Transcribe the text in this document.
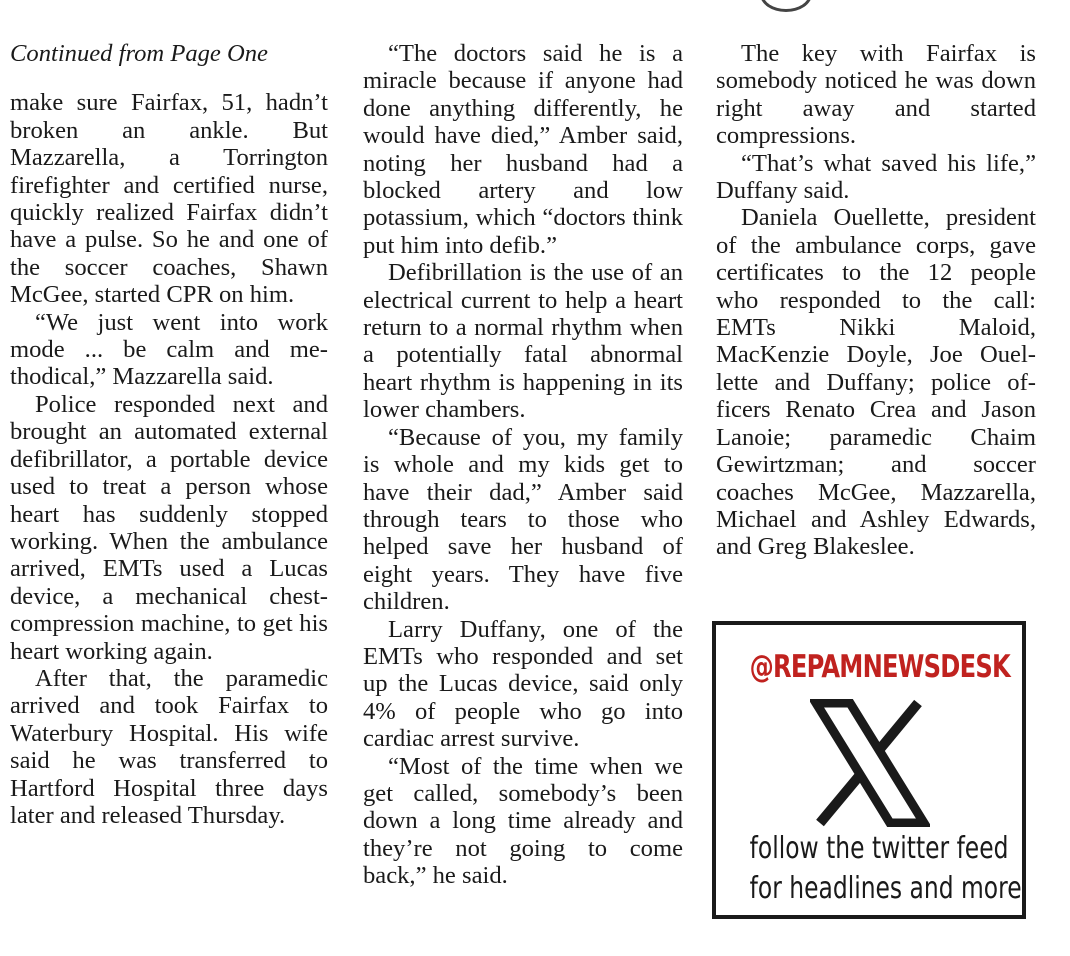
Continued from Page One

make sure Fairfax, 51, hadn’t broken an ankle. But Mazzarella, a Torrington firefighter and certified nurse, quickly realized Fairfax didn’t have a pulse. So he and one of the soccer coaches, Shawn McGee, started CPR on him.

“We just went into work mode ... be calm and methodical,” Mazzarella said.

Police responded next and brought an automated external defibrillator, a portable device used to treat a person whose heart has suddenly stopped working. When the ambulance arrived, EMTs used a Lucas device, a mechanical chest-compression machine, to get his heart working again.

After that, the paramedic arrived and took Fairfax to Waterbury Hospital. His wife said he was transferred to Hartford Hospital three days later and released Thursday.

“The doctors said he is a miracle because if anyone had done anything differently, he would have died,” Amber said, noting her husband had a blocked artery and low potassium, which “doctors think put him into defib.”

Defibrillation is the use of an electrical current to help a heart return to a normal rhythm when a potentially fatal abnormal heart rhythm is happening in its lower chambers.

“Because of you, my family is whole and my kids get to have their dad,” Amber said through tears to those who helped save her husband of eight years. They have five children.

Larry Duffany, one of the EMTs who responded and set up the Lucas device, said only 4% of people who go into cardiac arrest survive.

“Most of the time when we get called, somebody’s been down a long time already and they’re not going to come back,” he said.

The key with Fairfax is somebody noticed he was down right away and started compressions.

“That’s what saved his life,” Duffany said.

Daniela Ouellette, president of the ambulance corps, gave certificates to the 12 people who responded to the call: EMTs Nikki Maloid, MacKenzie Doyle, Joe Ouellette and Duffany; police officers Renato Crea and Jason Lanoie; paramedic Chaim Gewirtzman; and soccer coaches McGee, Mazzarella, Michael and Ashley Edwards, and Greg Blakeslee.

@REPAMNEWSDESK
follow the twitter feed
for headlines and more
